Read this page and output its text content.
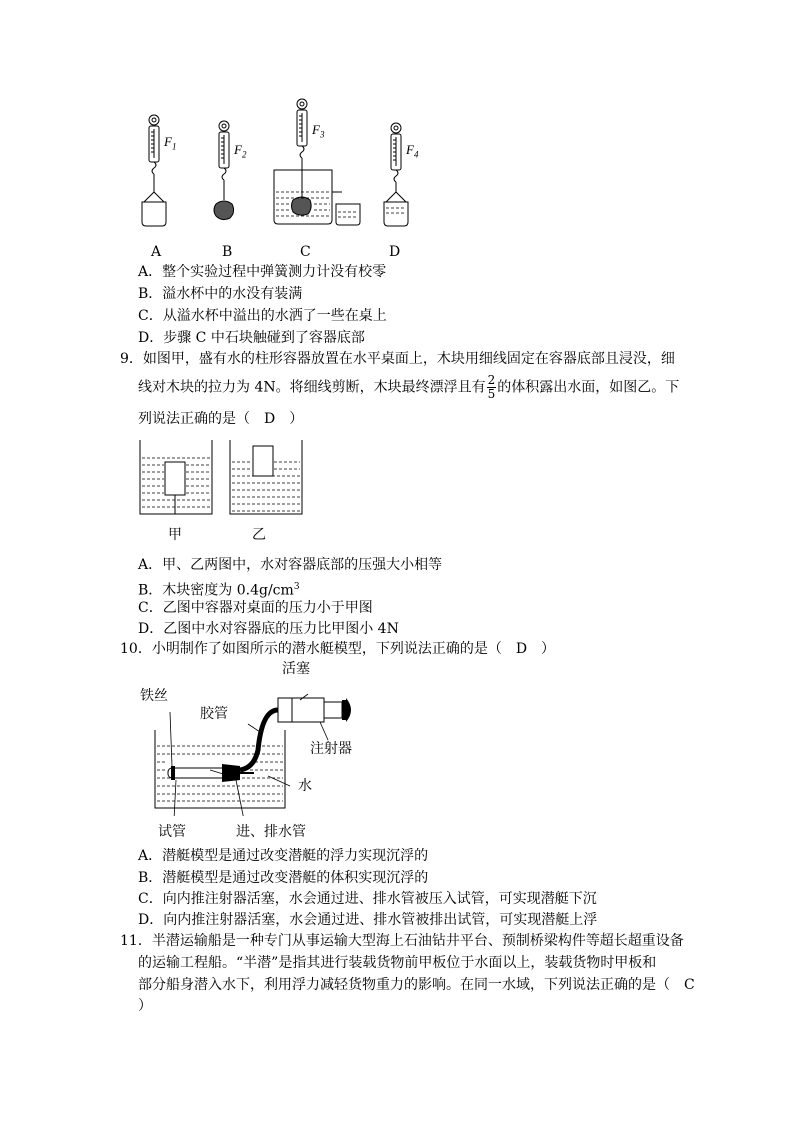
$F_1$	$F_2$
$F_3$
$F_4$
A	B	C	D
A．整个实验过程中弹簧测力计没有校零
B．溢水杯中的水没有装满
C．从溢水杯中溢出的水洒了一些在桌上
D．步骤 C 中石块触碰到了容器底部
9．如图甲，盛有水的柱形容器放置在水平桌面上，木块用细线固定在容器底部且浸没，细
线对木块的拉力为 4N。将细线剪断，木块最终漂浮且有 $\frac{2}{5}$ 的体积露出水面，如图乙。下
列说法正确的是（　D　）
甲	乙
A．甲、乙两图中，水对容器底部的压强大小相等
B．木块密度为 $0.4g/cm^3$
C．乙图中容器对桌面的压力小于甲图
D．乙图中水对容器底的压力比甲图小 4N
10．小明制作了如图所示的潜水艇模型，下列说法正确的是（　D　）
活塞
铁丝
胶管
注射器
水
试管	进、排水管
A．潜艇模型是通过改变潜艇的浮力实现沉浮的
B．潜艇模型是通过改变潜艇的体积实现沉浮的
C．向内推注射器活塞，水会通过进、排水管被压入试管，可实现潜艇下沉
D．向内推注射器活塞，水会通过进、排水管被排出试管，可实现潜艇上浮
11．半潜运输船是一种专门从事运输大型海上石油钻井平台、预制桥梁构件等超长超重设备
的运输工程船。“半潜”是指其进行装载货物前甲板位于水面以上，装载货物时甲板和
部分船身潜入水下，利用浮力减轻货物重力的影响。在同一水域，下列说法正确的是（　C
）
